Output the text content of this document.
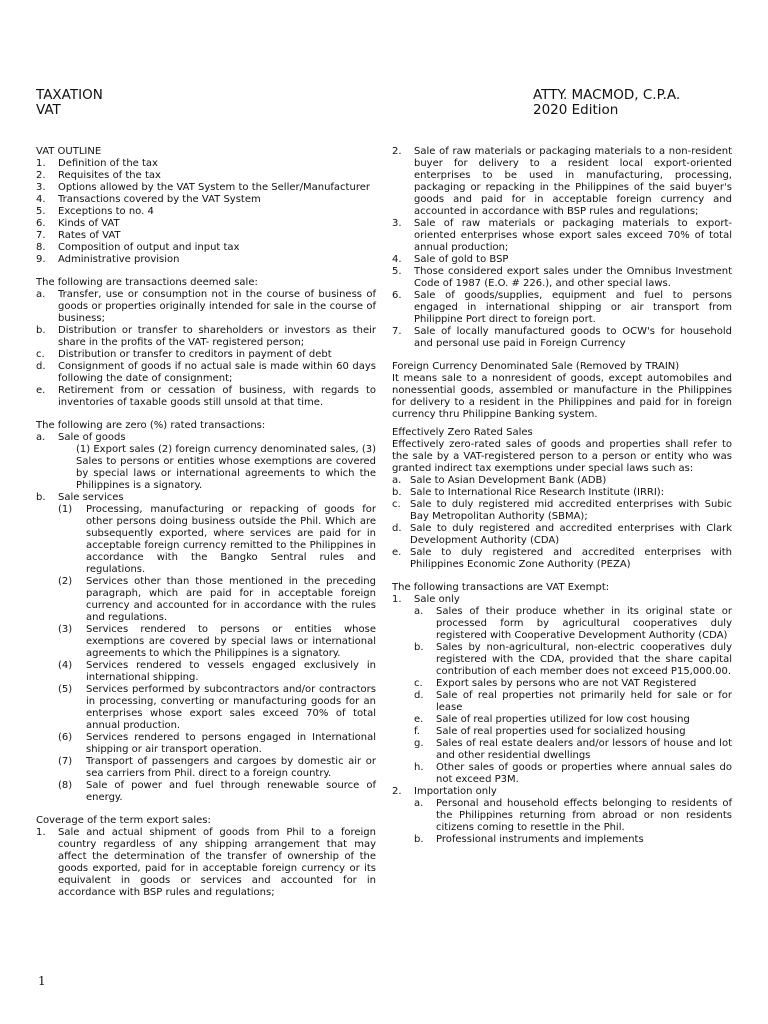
TAXATION
VAT
ATTY. MACMOD, C.P.A.
2020 Edition

VAT OUTLINE

1.	Definition of the tax
2.	Requisites of the tax
3.	Options allowed by the VAT System to the Seller/Manufacturer
4.	Transactions covered by the VAT System
5.	Exceptions to no. 4
6.	Kinds of VAT
7.	Rates of VAT
8.	Composition of output and input tax
9.	Administrative provision

The following are transactions deemed sale:

a.	Transfer, use or consumption not in the course of business of goods or properties originally intended for sale in the course of business;
b.	Distribution or transfer to shareholders or investors as their share in the profits of the VAT- registered person;
c.	Distribution or transfer to creditors in payment of debt
d.	Consignment of goods if no actual sale is made within 60 days following the date of consignment;
e.	Retirement from or cessation of business, with regards to inventories of taxable goods still unsold at that time.

The following are zero (%) rated transactions:

a.	Sale of goods

(1) Export sales (2) foreign currency denominated sales, (3) Sales to persons or entities whose exemptions are covered by special laws or international agreements to which the Philippines is a signatory.

b.	Sale services
(1)	Processing, manufacturing or repacking of goods for other persons doing business outside the Phil. Which are subsequently exported, where services are paid for in acceptable foreign currency remitted to the Philippines in accordance with the Bangko Sentral rules and regulations.
(2)	Services other than those mentioned in the preceding paragraph, which are paid for in acceptable foreign currency and accounted for in accordance with the rules and regulations.
(3)	Services rendered to persons or entities whose exemptions are covered by special laws or international agreements to which the Philippines is a signatory.
(4)	Services rendered to vessels engaged exclusively in international shipping.
(5)	Services performed by subcontractors and/or contractors in processing, converting or manufacturing goods for an enterprises whose export sales exceed 70% of total annual production.
(6)	Services rendered to persons engaged in International shipping or air transport operation.
(7)	Transport of passengers and cargoes by domestic air or sea carriers from Phil. direct to a foreign country.
(8)	Sale of power and fuel through renewable source of energy.

Coverage of the term export sales:

1.	Sale and actual shipment of goods from Phil to a foreign country regardless of any shipping arrangement that may affect the determination of the transfer of ownership of the goods exported, paid for in acceptable foreign currency or its equivalent in goods or services and accounted for in accordance with BSP rules and regulations;
2.	Sale of raw materials or packaging materials to a non-resident buyer for delivery to a resident local export-oriented enterprises to be used in manufacturing, processing, packaging or repacking in the Philippines of the said buyer's goods and paid for in acceptable foreign currency and accounted in accordance with BSP rules and regulations;
3.	Sale of raw materials or packaging materials to export-oriented enterprises whose export sales exceed 70% of total annual production;
4.	Sale of gold to BSP
5.	Those considered export sales under the Omnibus Investment Code of 1987 (E.O. # 226.), and other special laws.
6.	Sale of goods/supplies, equipment and fuel to persons engaged in international shipping or air transport from Philippine Port direct to foreign port.
7.	Sale of locally manufactured goods to OCW's for household and personal use paid in Foreign Currency

Foreign Currency Denominated Sale (Removed by TRAIN)

It means sale to a nonresident of goods, except automobiles and nonessential goods, assembled or manufacture in the Philippines for delivery to a resident in the Philippines and paid for in foreign currency thru Philippine Banking system.

Effectively Zero Rated Sales

Effectively zero-rated sales of goods and properties shall refer to the sale by a VAT-registered person to a person or entity who was granted indirect tax exemptions under special laws such as:

a. Sale to Asian Development Bank (ADB)
b. Sale to International Rice Research Institute (IRRI):
c. Sale to duly registered mid accredited enterprises with Subic Bay Metropolitan Authority (SBMA);
d. Sale to duly registered and accredited enterprises with Clark Development Authority (CDA)
e. Sale to duly registered and accredited enterprises with Philippines Economic Zone Authority (PEZA)

The following transactions are VAT Exempt:

1.	Sale only
a.	Sales of their produce whether in its original state or processed form by agricultural cooperatives duly registered with Cooperative Development Authority (CDA)
b.	Sales by non-agricultural, non-electric cooperatives duly registered with the CDA, provided that the share capital contribution of each member does not exceed P15,000.00.
c.	Export sales by persons who are not VAT Registered
d.	Sale of real properties not primarily held for sale or for lease
e.	Sale of real properties utilized for low cost housing
f.	Sale of real properties used for socialized housing
g.	Sales of real estate dealers and/or lessors of house and lot and other residential dwellings
h.	Other sales of goods or properties where annual sales do not exceed P3M.
2.	Importation only
a.	Personal and household effects belonging to residents of the Philippines returning from abroad or non residents citizens coming to resettle in the Phil.
b.	Professional instruments and implements
1
